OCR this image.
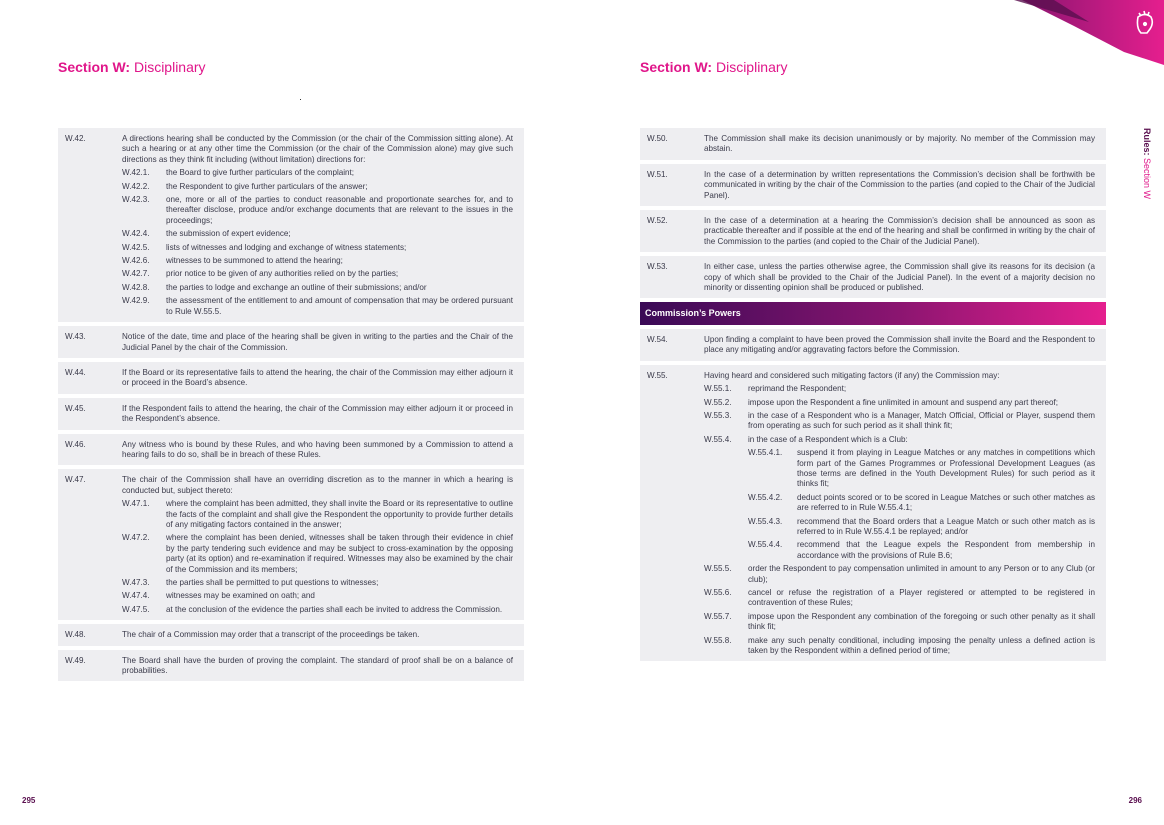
Section W: Disciplinary
W.42.	A directions hearing shall be conducted by the Commission (or the chair of the Commission sitting alone). At such a hearing or at any other time the Commission (or the chair of the Commission alone) may give such directions as they think fit including (without limitation) directions for:
W.42.1.	the Board to give further particulars of the complaint;
W.42.2.	the Respondent to give further particulars of the answer;
W.42.3.	one, more or all of the parties to conduct reasonable and proportionate searches for, and to thereafter disclose, produce and/or exchange documents that are relevant to the issues in the proceedings;
W.42.4.	the submission of expert evidence;
W.42.5.	lists of witnesses and lodging and exchange of witness statements;
W.42.6.	witnesses to be summoned to attend the hearing;
W.42.7.	prior notice to be given of any authorities relied on by the parties;
W.42.8.	the parties to lodge and exchange an outline of their submissions; and/or
W.42.9.	the assessment of the entitlement to and amount of compensation that may be ordered pursuant to Rule W.55.5.
W.43.	Notice of the date, time and place of the hearing shall be given in writing to the parties and the Chair of the Judicial Panel by the chair of the Commission.
W.44.	If the Board or its representative fails to attend the hearing, the chair of the Commission may either adjourn it or proceed in the Board’s absence.
W.45.	If the Respondent fails to attend the hearing, the chair of the Commission may either adjourn it or proceed in the Respondent’s absence.
W.46.	Any witness who is bound by these Rules, and who having been summoned by a Commission to attend a hearing fails to do so, shall be in breach of these Rules.
W.47.	The chair of the Commission shall have an overriding discretion as to the manner in which a hearing is conducted but, subject thereto:
W.47.1.	where the complaint has been admitted, they shall invite the Board or its representative to outline the facts of the complaint and shall give the Respondent the opportunity to provide further details of any mitigating factors contained in the answer;
W.47.2.	where the complaint has been denied, witnesses shall be taken through their evidence in chief by the party tendering such evidence and may be subject to cross-examination by the opposing party (at its option) and re-examination if required. Witnesses may also be examined by the chair of the Commission and its members;
W.47.3.	the parties shall be permitted to put questions to witnesses;
W.47.4.	witnesses may be examined on oath; and
W.47.5.	at the conclusion of the evidence the parties shall each be invited to address the Commission.
W.48.	The chair of a Commission may order that a transcript of the proceedings be taken.
W.49.	The Board shall have the burden of proving the complaint. The standard of proof shall be on a balance of probabilities.
295
Section W: Disciplinary
Rules: Section W
W.50.	The Commission shall make its decision unanimously or by majority. No member of the Commission may abstain.
W.51.	In the case of a determination by written representations the Commission’s decision shall be forthwith be communicated in writing by the chair of the Commission to the parties (and copied to the Chair of the Judicial Panel).
W.52.	In the case of a determination at a hearing the Commission’s decision shall be announced as soon as practicable thereafter and if possible at the end of the hearing and shall be confirmed in writing by the chair of the Commission to the parties (and copied to the Chair of the Judicial Panel).
W.53.	In either case, unless the parties otherwise agree, the Commission shall give its reasons for its decision (a copy of which shall be provided to the Chair of the Judicial Panel). In the event of a majority decision no minority or dissenting opinion shall be produced or published.
Commission’s Powers
W.54.	Upon finding a complaint to have been proved the Commission shall invite the Board and the Respondent to place any mitigating and/or aggravating factors before the Commission.
W.55.	Having heard and considered such mitigating factors (if any) the Commission may:
W.55.1.	reprimand the Respondent;
W.55.2.	impose upon the Respondent a fine unlimited in amount and suspend any part thereof;
W.55.3.	in the case of a Respondent who is a Manager, Match Official, Official or Player, suspend them from operating as such for such period as it shall think fit;
W.55.4.	in the case of a Respondent which is a Club:
W.55.4.1.	suspend it from playing in League Matches or any matches in competitions which form part of the Games Programmes or Professional Development Leagues (as those terms are defined in the Youth Development Rules) for such period as it thinks fit;
W.55.4.2.	deduct points scored or to be scored in League Matches or such other matches as are referred to in Rule W.55.4.1;
W.55.4.3.	recommend that the Board orders that a League Match or such other match as is referred to in Rule W.55.4.1 be replayed; and/or
W.55.4.4.	recommend that the League expels the Respondent from membership in accordance with the provisions of Rule B.6;
W.55.5.	order the Respondent to pay compensation unlimited in amount to any Person or to any Club (or club);
W.55.6.	cancel or refuse the registration of a Player registered or attempted to be registered in contravention of these Rules;
W.55.7.	impose upon the Respondent any combination of the foregoing or such other penalty as it shall think fit;
W.55.8.	make any such penalty conditional, including imposing the penalty unless a defined action is taken by the Respondent within a defined period of time;
296
